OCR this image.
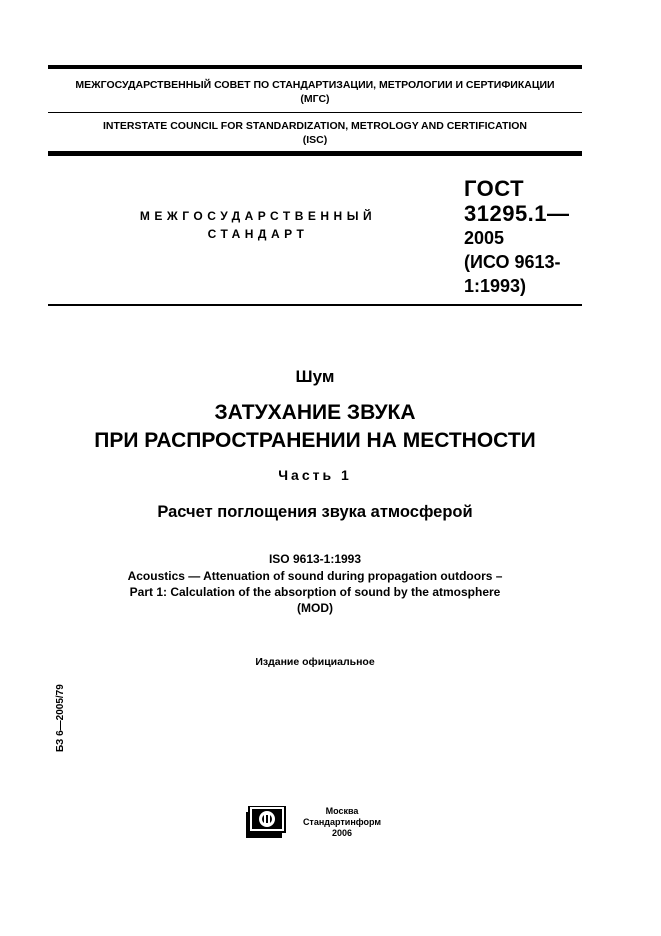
МЕЖГОСУДАРСТВЕННЫЙ СОВЕТ ПО СТАНДАРТИЗАЦИИ, МЕТРОЛОГИИ И СЕРТИФИКАЦИИ
(МГС)
INTERSTATE COUNCIL FOR STANDARDIZATION, METROLOGY AND CERTIFICATION
(ISC)
МЕЖГОСУДАРСТВЕННЫЙ
СТАНДАРТ
ГОСТ
31295.1—
2005
(ИСО 9613-
1:1993)
Шум
ЗАТУХАНИЕ ЗВУКА
ПРИ РАСПРОСТРАНЕНИИ НА МЕСТНОСТИ
Часть 1
Расчет поглощения звука атмосферой
ISO 9613-1:1993
Acoustics — Attenuation of sound during propagation outdoors –
Part 1: Calculation of the absorption of sound by the atmosphere
(MOD)
Издание официальное
БЗ 6—2005/79
Москва
Стандартинформ
2006
